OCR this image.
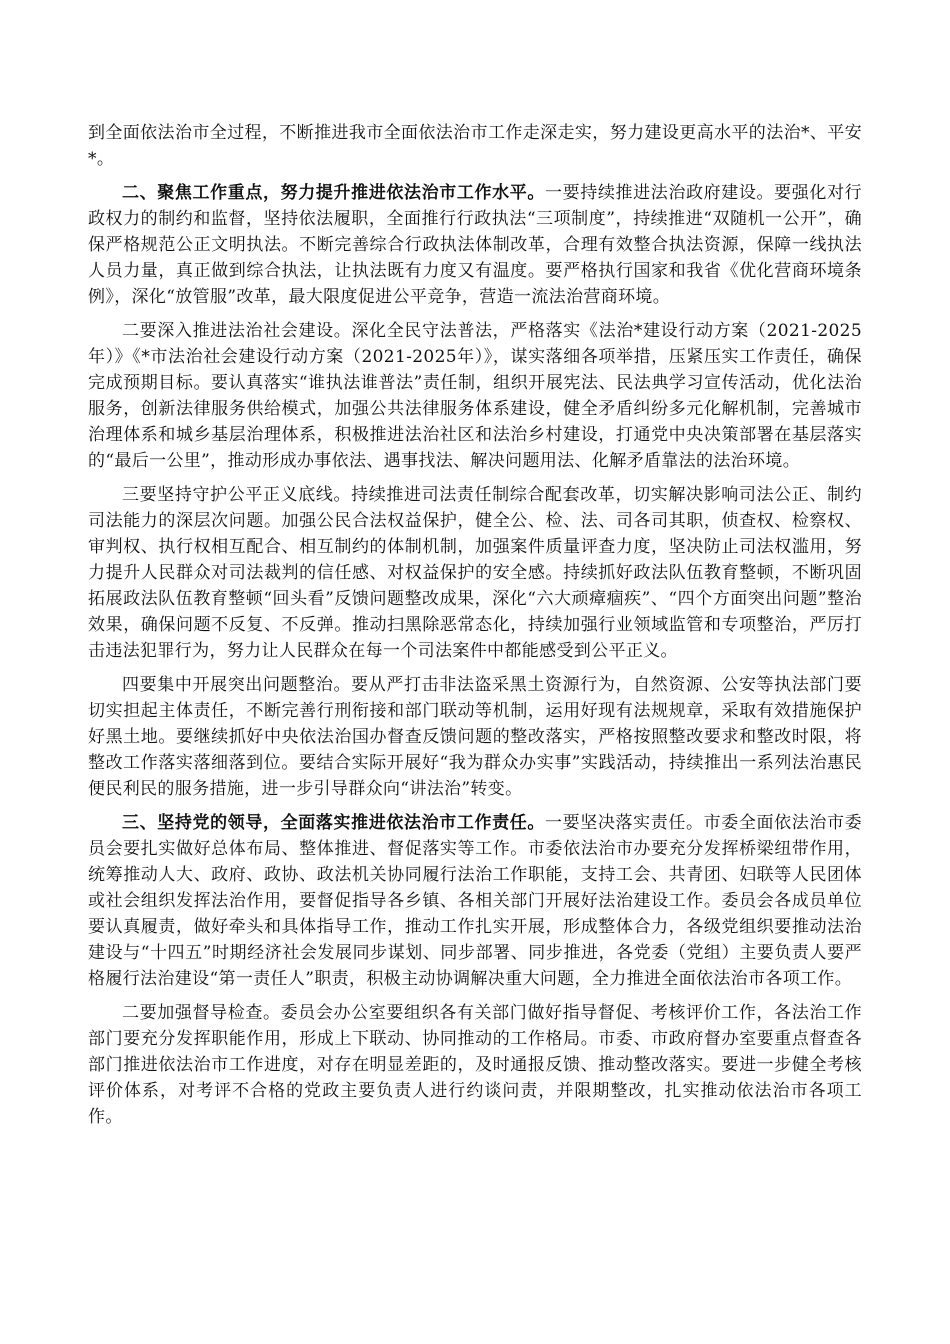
到全面依法治市全过程，不断推进我市全面依法治市工作走深走实，努力建设更高水平的法治*、平安*。

二、聚焦工作重点，努力提升推进依法治市工作水平。一要持续推进法治政府建设。要强化对行政权力的制约和监督，坚持依法履职，全面推行行政执法“三项制度”，持续推进“双随机一公开”，确保严格规范公正文明执法。不断完善综合行政执法体制改革，合理有效整合执法资源，保障一线执法人员力量，真正做到综合执法，让执法既有力度又有温度。要严格执行国家和我省《优化营商环境条例》，深化“放管服”改革，最大限度促进公平竞争，营造一流法治营商环境。

二要深入推进法治社会建设。深化全民守法普法，严格落实《法治*建设行动方案（2021-2025年）》《*市法治社会建设行动方案（2021-2025年）》，谋实落细各项举措，压紧压实工作责任，确保完成预期目标。要认真落实“谁执法谁普法”责任制，组织开展宪法、民法典学习宣传活动，优化法治服务，创新法律服务供给模式，加强公共法律服务体系建设，健全矛盾纠纷多元化解机制，完善城市治理体系和城乡基层治理体系，积极推进法治社区和法治乡村建设，打通党中央决策部署在基层落实的“最后一公里”，推动形成办事依法、遇事找法、解决问题用法、化解矛盾靠法的法治环境。

三要坚持守护公平正义底线。持续推进司法责任制综合配套改革，切实解决影响司法公正、制约司法能力的深层次问题。加强公民合法权益保护，健全公、检、法、司各司其职，侦查权、检察权、审判权、执行权相互配合、相互制约的体制机制，加强案件质量评查力度，坚决防止司法权滥用，努力提升人民群众对司法裁判的信任感、对权益保护的安全感。持续抓好政法队伍教育整顿，不断巩固拓展政法队伍教育整顿“回头看”反馈问题整改成果，深化“六大顽瘴痼疾”、“四个方面突出问题”整治效果，确保问题不反复、不反弹。推动扫黑除恶常态化，持续加强行业领域监管和专项整治，严厉打击违法犯罪行为，努力让人民群众在每一个司法案件中都能感受到公平正义。

四要集中开展突出问题整治。要从严打击非法盗采黑土资源行为，自然资源、公安等执法部门要切实担起主体责任，不断完善行刑衔接和部门联动等机制，运用好现有法规规章，采取有效措施保护好黑土地。要继续抓好中央依法治国办督查反馈问题的整改落实，严格按照整改要求和整改时限，将整改工作落实落细落到位。要结合实际开展好“我为群众办实事”实践活动，持续推出一系列法治惠民便民利民的服务措施，进一步引导群众向“讲法治”转变。

三、坚持党的领导，全面落实推进依法治市工作责任。一要坚决落实责任。市委全面依法治市委员会要扎实做好总体布局、整体推进、督促落实等工作。市委依法治市办要充分发挥桥梁纽带作用，统筹推动人大、政府、政协、政法机关协同履行法治工作职能，支持工会、共青团、妇联等人民团体或社会组织发挥法治作用，要督促指导各乡镇、各相关部门开展好法治建设工作。委员会各成员单位要认真履责，做好牵头和具体指导工作，推动工作扎实开展，形成整体合力，各级党组织要推动法治建设与“十四五”时期经济社会发展同步谋划、同步部署、同步推进，各党委（党组）主要负责人要严格履行法治建设“第一责任人”职责，积极主动协调解决重大问题，全力推进全面依法治市各项工作。

二要加强督导检查。委员会办公室要组织各有关部门做好指导督促、考核评价工作，各法治工作部门要充分发挥职能作用，形成上下联动、协同推动的工作格局。市委、市政府督办室要重点督查各部门推进依法治市工作进度，对存在明显差距的，及时通报反馈、推动整改落实。要进一步健全考核评价体系，对考评不合格的党政主要负责人进行约谈问责，并限期整改，扎实推动依法治市各项工作。
